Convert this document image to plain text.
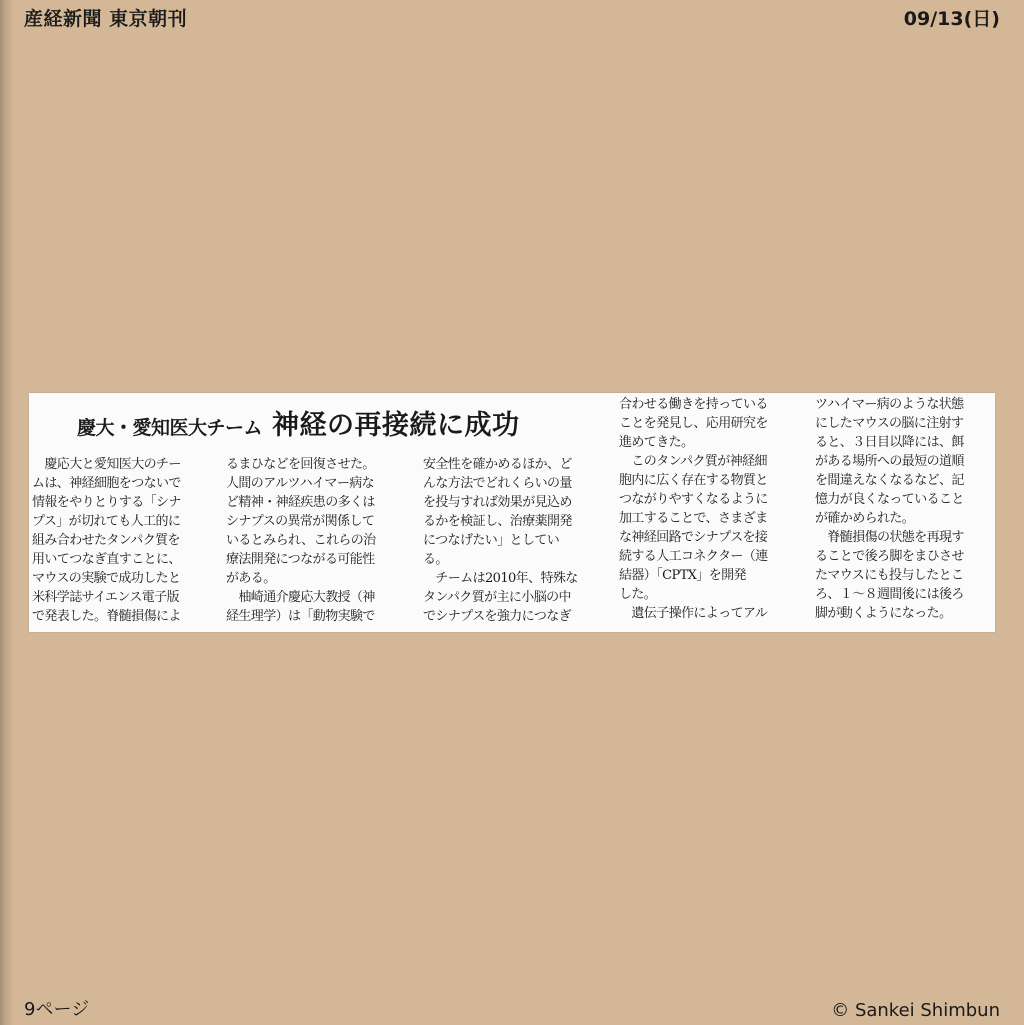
産経新聞 東京朝刊	09/13(日)
慶大・愛知医大チーム 神経の再接続に成功
　慶応大と愛知医大のチー
ムは、神経細胞をつないで
情報をやりとりする「シナ
プス」が切れても人工的に
組み合わせたタンパク質を
用いてつなぎ直すことに、
マウスの実験で成功したと
米科学誌サイエンス電子版
で発表した。脊髄損傷によ
るまひなどを回復させた。
人間のアルツハイマー病な
ど精神・神経疾患の多くは
シナプスの異常が関係して
いるとみられ、これらの治
療法開発につながる可能性
がある。
　柚崎通介慶応大教授（神
経生理学）は「動物実験で
安全性を確かめるほか、ど
んな方法でどれくらいの量
を投与すれば効果が見込め
るかを検証し、治療薬開発
につなげたい」としてい
る。
　チームは2010年、特殊な
タンパク質が主に小脳の中
でシナプスを強力につなぎ
合わせる働きを持っている
ことを発見し、応用研究を
進めてきた。
　このタンパク質が神経細
胞内に広く存在する物質と
つながりやすくなるように
加工することで、さまざま
な神経回路でシナプスを接
続する人工コネクター（連
結器）「CPTX」を開発
した。
　遺伝子操作によってアル
ツハイマー病のような状態
にしたマウスの脳に注射す
ると、３日目以降には、餌
がある場所への最短の道順
を間違えなくなるなど、記
憶力が良くなっていること
が確かめられた。
　脊髄損傷の状態を再現す
ることで後ろ脚をまひさせ
たマウスにも投与したとこ
ろ、１～８週間後には後ろ
脚が動くようになった。
9ページ	© Sankei Shimbun
